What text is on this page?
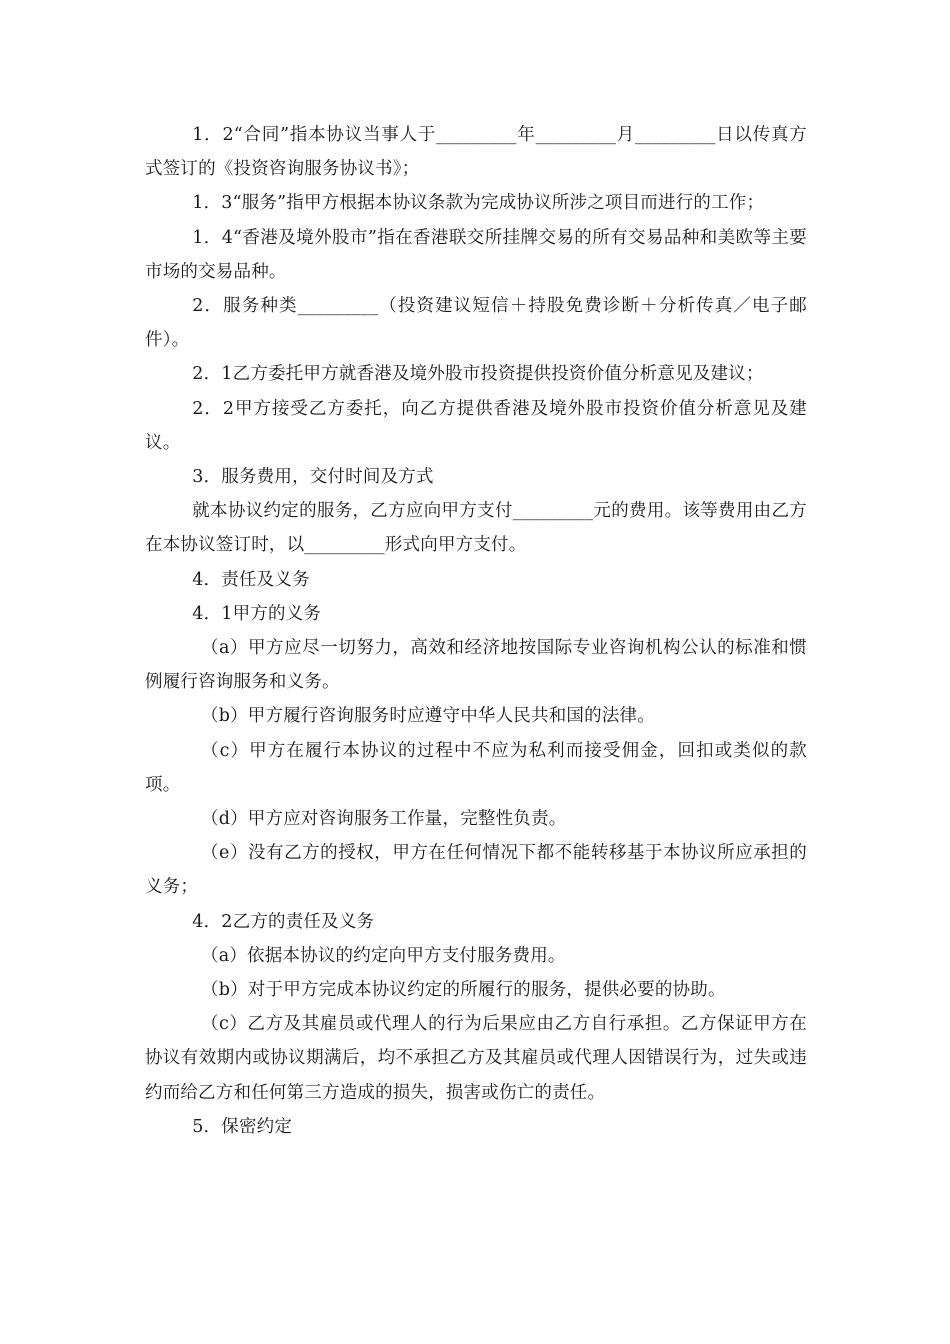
1．2“合同”指本协议当事人于_________年_________月_________日以传真方式签订的《投资咨询服务协议书》；

1．3“服务”指甲方根据本协议条款为完成协议所涉之项目而进行的工作；

1．4“香港及境外股市”指在香港联交所挂牌交易的所有交易品种和美欧等主要市场的交易品种。

2．服务种类_________（投资建议短信＋持股免费诊断＋分析传真／电子邮件）。

2．1乙方委托甲方就香港及境外股市投资提供投资价值分析意见及建议；

2．2甲方接受乙方委托，向乙方提供香港及境外股市投资价值分析意见及建议。

3．服务费用，交付时间及方式

就本协议约定的服务，乙方应向甲方支付_________元的费用。该等费用由乙方在本协议签订时，以_________形式向甲方支付。

4．责任及义务

4．1甲方的义务

（a）甲方应尽一切努力，高效和经济地按国际专业咨询机构公认的标准和惯例履行咨询服务和义务。

（b）甲方履行咨询服务时应遵守中华人民共和国的法律。

（c）甲方在履行本协议的过程中不应为私利而接受佣金，回扣或类似的款项。

（d）甲方应对咨询服务工作量，完整性负责。

（e）没有乙方的授权，甲方在任何情况下都不能转移基于本协议所应承担的义务；

4．2乙方的责任及义务

（a）依据本协议的约定向甲方支付服务费用。

（b）对于甲方完成本协议约定的所履行的服务，提供必要的协助。

（c）乙方及其雇员或代理人的行为后果应由乙方自行承担。乙方保证甲方在协议有效期内或协议期满后，均不承担乙方及其雇员或代理人因错误行为，过失或违约而给乙方和任何第三方造成的损失，损害或伤亡的责任。

5．保密约定
